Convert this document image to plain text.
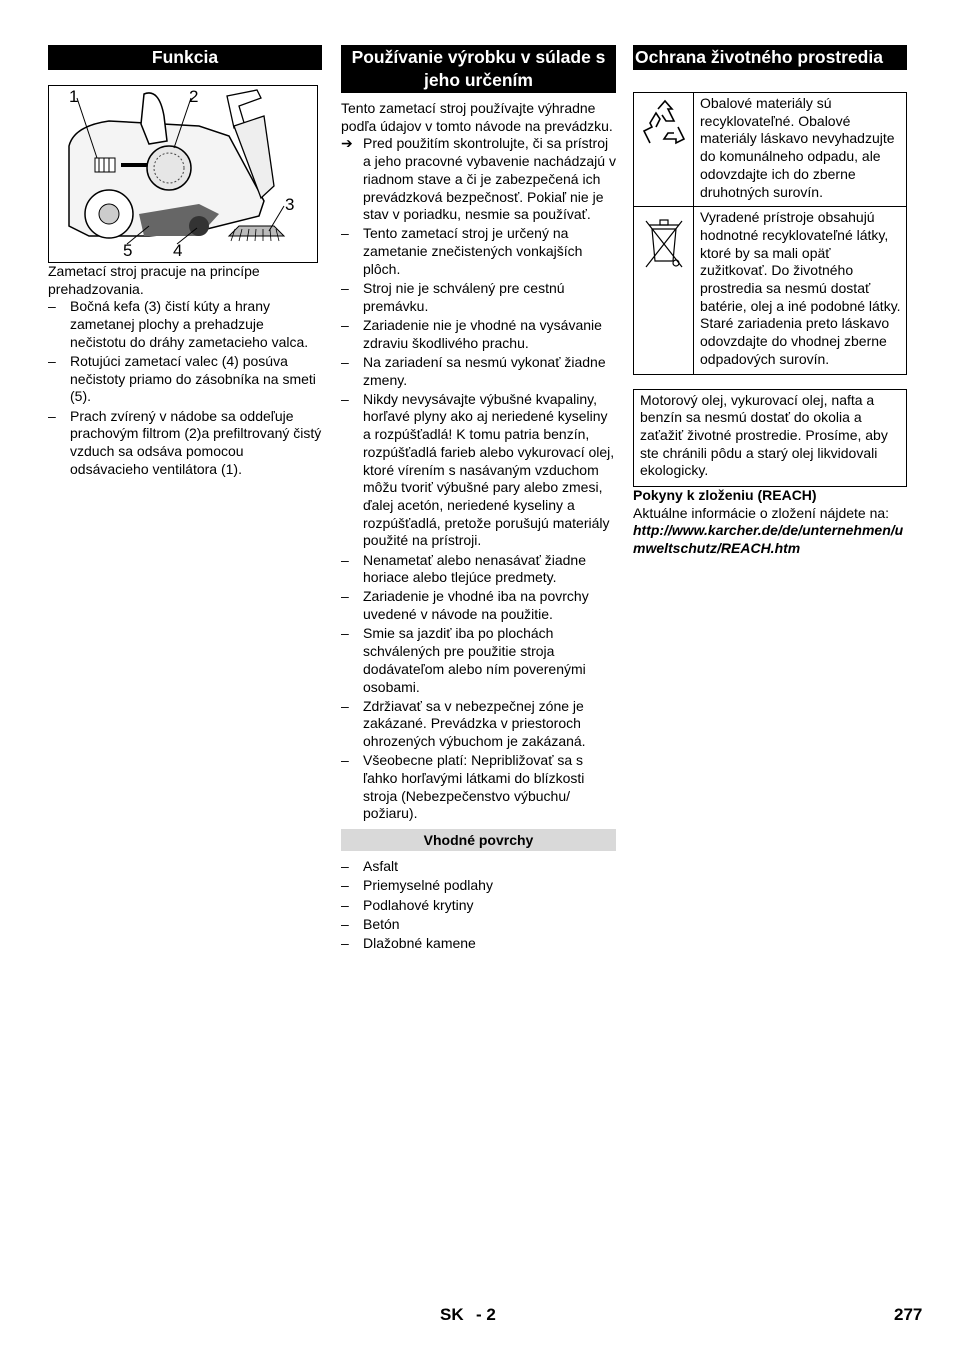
Funkcia
1	2
3
4
5

Zametací stroj pracuje na princípe prehadzovania.

– Bočná kefa (3) čistí kúty a hrany zametanej plochy a prehadzuje nečistotu do dráhy zametacieho valca.
– Rotujúci zametací valec (4) posúva nečistoty priamo do zásobníka na smeti (5).
– Prach zvírený v nádobe sa oddeľuje prachovým filtrom (2)a prefiltrovaný čistý vzduch sa odsáva pomocou odsávacieho ventilátora (1).
Používanie výrobku v súlade s jeho určením

Tento zametací stroj používajte výhradne podľa údajov v tomto návode na prevádzku.

➔ Pred použitím skontrolujte, či sa prístroj a jeho pracovné vybavenie nachádzajú v riadnom stave a či je zabezpečená ich prevádzková bezpečnosť. Pokiaľ nie je stav v poriadku, nesmie sa používať.
– Tento zametací stroj je určený na zametanie znečistených vonkajších plôch.
– Stroj nie je schválený pre cestnú premávku.
– Zariadenie nie je vhodné na vysávanie zdraviu škodlivého prachu.
– Na zariadení sa nesmú vykonať žiadne zmeny.
– Nikdy nevysávajte výbušné kvapaliny, horľavé plyny ako aj neriedené kyseliny a rozpúšťadlá! K tomu patria benzín, rozpúšťadlá farieb alebo vykurovací olej, ktoré vírením s nasávaným vzduchom môžu tvoriť výbušné pary alebo zmesi, ďalej acetón, neriedené kyseliny a rozpúšťadlá, pretože porušujú materiály použité na prístroji.
– Nenametať alebo nenasávať žiadne horiace alebo tlejúce predmety.
– Zariadenie je vhodné iba na povrchy uvedené v návode na použitie.
– Smie sa jazdiť iba po plochách schválených pre použitie stroja dodávateľom alebo ním poverenými osobami.
– Zdržiavať sa v nebezpečnej zóne je zakázané. Prevádzka v priestoroch ohrozených výbuchom je zakázaná.
– Všeobecne platí: Nepribližovať sa s ľahko horľavými látkami do blízkosti stroja (Nebezpečenstvo výbuchu/ požiaru).
Vhodné povrchy
– Asfalt
– Priemyselné podlahy
– Podlahové krytiny
– Betón
– Dlažobné kamene
Ochrana životného prostredia
	Obalové materiály sú recyklovateľné. Obalové materiály láskavo nevyhadzujte do komunálneho odpadu, ale odovzdajte ich do zberne druhotných surovín.
	Vyradené prístroje obsahujú hodnotné recyklovateľné látky, ktoré by sa mali opäť zužitkovať. Do životného prostredia sa nesmú dostať batérie, olej a iné podobné látky. Staré zariadenia preto láskavo odovzdajte do vhodnej zberne odpadových surovín.
Motorový olej, vykurovací olej, nafta a benzín sa nesmú dostať do okolia a zaťažiť životné prostredie. Prosíme, aby ste chránili pôdu a starý olej likvidovali ekologicky.

Pokyny k zloženiu (REACH)

Aktuálne informácie o zložení nájdete na:

http://www.karcher.de/de/unternehmen/umweltschutz/REACH.htm

SK - 2	277
